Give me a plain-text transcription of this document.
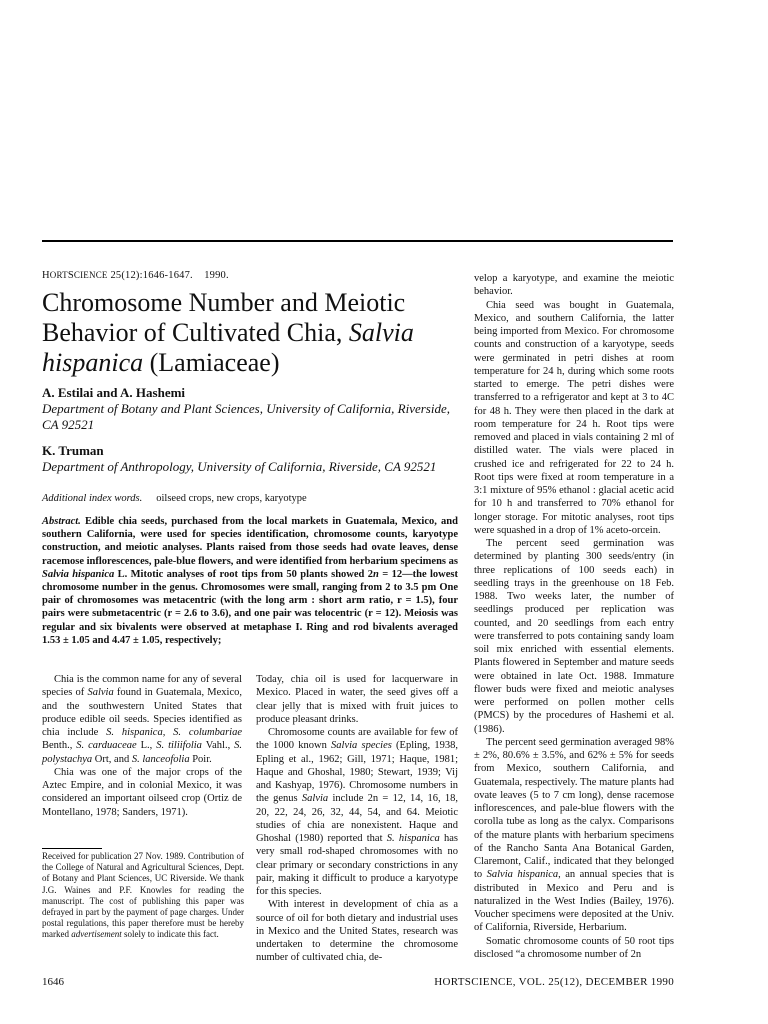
HORTSCIENCE 25(12):1646-1647. 1990.
Chromosome Number and Meiotic Behavior of Cultivated Chia, Salvia hispanica (Lamiaceae)
A. Estilai and A. Hashemi
Department of Botany and Plant Sciences, University of California, Riverside, CA 92521
K. Truman
Department of Anthropology, University of California, Riverside, CA 92521
Additional index words. oilseed crops, new crops, karyotype
Abstract. Edible chia seeds, purchased from the local markets in Guatemala, Mexico, and southern California, were used for species identification, chromosome counts, karyotype construction, and meiotic analyses. Plants raised from those seeds had ovate leaves, dense racemose inflorescences, pale-blue flowers, and were identified from herbarium specimens as Salvia hispanica L. Mitotic analyses of root tips from 50 plants showed 2n = 12—the lowest chromosome number in the genus. Chromosomes were small, ranging from 2 to 3.5 pm One pair of chromosomes was metacentric (with the long arm : short arm ratio, r = 1.5), four pairs were submetacentric (r = 2.6 to 3.6), and one pair was telocentric (r = 12). Meiosis was regular and six bivalents were observed at metaphase I. Ring and rod bivalents averaged 1.53 ± 1.05 and 4.47 ± 1.05, respectively;

Chia is the common name for any of several species of Salvia found in Guatemala, Mexico, and the southwestern United States that produce edible oil seeds. Species identified as chia include S. hispanica, S. columbariae Benth., S. carduaceae L., S. tiliifolia Vahl., S. polystachya Ort, and S. lanceofolia Poir.

Chia was one of the major crops of the Aztec Empire, and in colonial Mexico, it was considered an important oilseed crop (Ortiz de Montellano, 1978; Sanders, 1971).

Received for publication 27 Nov. 1989. Contribution of the College of Natural and Agricultural Sciences, Dept. of Botany and Plant Sciences, UC Riverside. We thank J.G. Waines and P.F. Knowles for reading the manuscript. The cost of publishing this paper was defrayed in part by the payment of page charges. Under postal regulations, this paper therefore must be hereby marked advertisement solely to indicate this fact.

Today, chia oil is used for lacquerware in Mexico. Placed in water, the seed gives off a clear jelly that is mixed with fruit juices to produce pleasant drinks.

Chromosome counts are available for few of the 1000 known Salvia species (Epling, 1938, Epling et al., 1962; Gill, 1971; Haque, 1981; Haque and Ghoshal, 1980; Stewart, 1939; Vij and Kashyap, 1976). Chromosome numbers in the genus Salvia include 2n = 12, 14, 16, 18, 20, 22, 24, 26, 32, 44, 54, and 64. Meiotic studies of chia are nonexistent. Haque and Ghoshal (1980) reported that S. hispanica has very small rod-shaped chromosomes with no clear primary or secondary constrictions in any pair, making it difficult to produce a karyotype for this species.

With interest in development of chia as a source of oil for both dietary and industrial uses in Mexico and the United States, research was undertaken to determine the chromosome number of cultivated chia, de-

velop a karyotype, and examine the meiotic behavior.

Chia seed was bought in Guatemala, Mexico, and southern California, the latter being imported from Mexico. For chromosome counts and construction of a karyotype, seeds were germinated in petri dishes at room temperature for 24 h, during which some roots started to emerge. The petri dishes were transferred to a refrigerator and kept at 3 to 4C for 48 h. They were then placed in the dark at room temperature for 24 h. Root tips were removed and placed in vials containing 2 ml of distilled water. The vials were placed in crushed ice and refrigerated for 22 to 24 h. Root tips were fixed at room temperature in a 3:1 mixture of 95% ethanol : glacial acetic acid for 10 h and transferred to 70% ethanol for longer storage. For mitotic analyses, root tips were squashed in a drop of 1% aceto-orcein.

The percent seed germination was determined by planting 300 seeds/entry (in three replications of 100 seeds each) in seedling trays in the greenhouse on 18 Feb. 1988. Two weeks later, the number of seedlings produced per replication was counted, and 20 seedlings from each entry were transferred to pots containing sandy loam soil mix enriched with essential elements. Plants flowered in September and mature seeds were obtained in late Oct. 1988. Immature flower buds were fixed and meiotic analyses were performed on pollen mother cells (PMCS) by the procedures of Hashemi et al. (1986).

The percent seed germination averaged 98% ± 2%, 80.6% ± 3.5%, and 62% ± 5% for seeds from Mexico, southern California, and Guatemala, respectively. The mature plants had ovate leaves (5 to 7 cm long), dense racemose inflorescences, and pale-blue flowers with the corolla tube as long as the calyx. Comparisons of the mature plants with herbarium specimens of the Rancho Santa Ana Botanical Garden, Claremont, Calif., indicated that they belonged to Salvia hispanica, an annual species that is distributed in Mexico and Peru and is naturalized in the West Indies (Bailey, 1976). Voucher specimens were deposited at the Univ. of California, Riverside, Herbarium.

Somatic chromosome counts of 50 root tips disclosed “a chromosome number of 2n

1646	HORTSCIENCE, VOL. 25(12), DECEMBER 1990
